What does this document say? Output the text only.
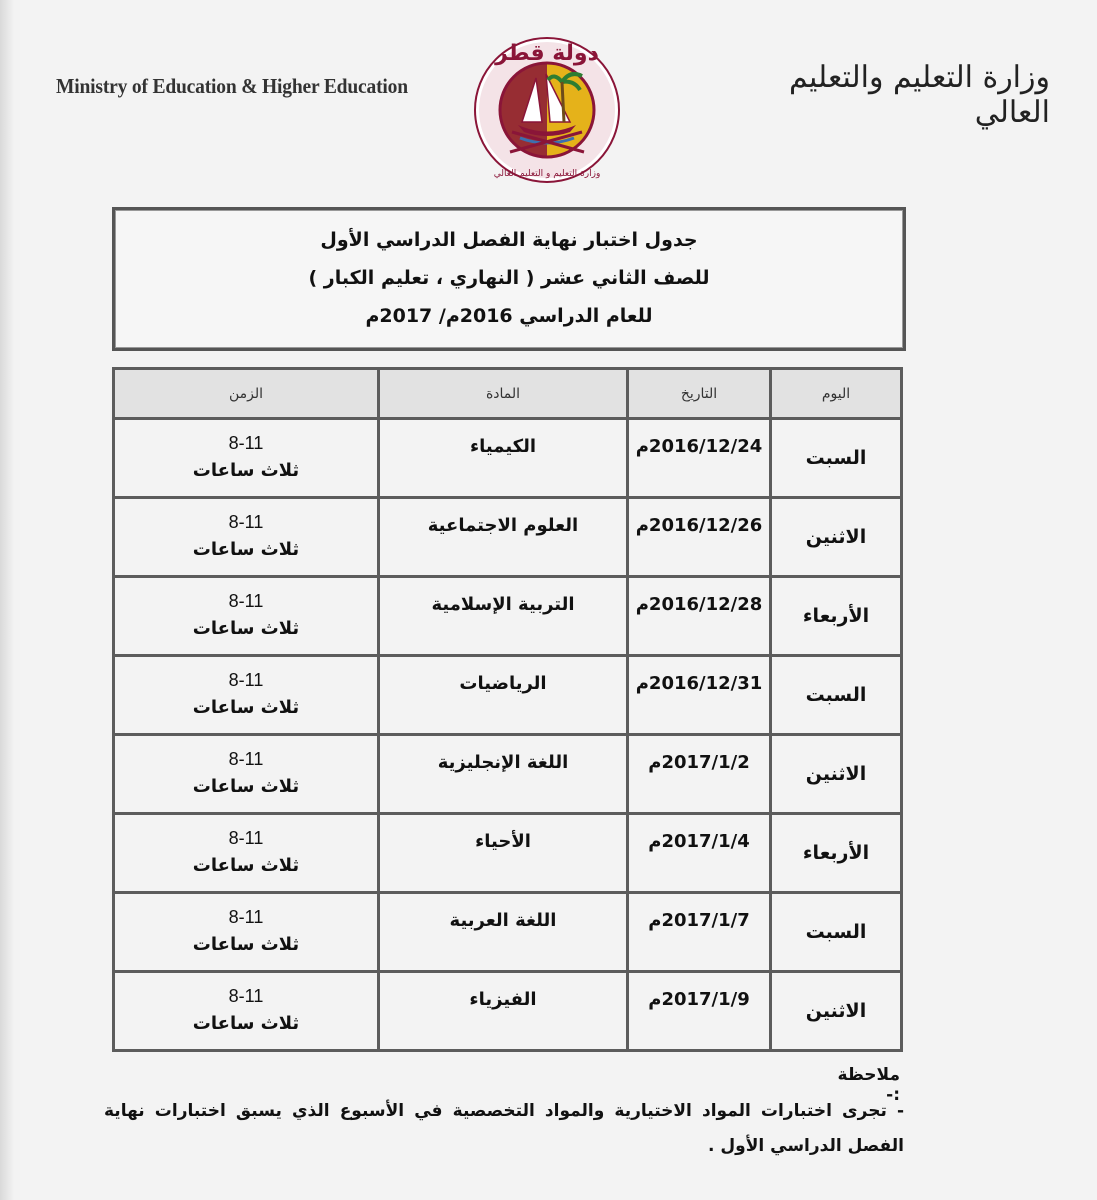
Ministry of Education & Higher Education
دولة قطر
وزارة التعليم و التعليم العالي
وزارة التعليم والتعليم العالي
جدول اختبار نهاية الفصل الدراسي الأول
للصف الثاني عشر ( النهاري ، تعليم الكبار )
للعام الدراسي 2016م/ 2017م
اليوم	التاريخ	المادة	الزمن
السبت	2016/12/24م	الكيمياء	8-11
ثلاث ساعات

الاثنين	2016/12/26م	العلوم الاجتماعية	8-11
ثلاث ساعات

الأربعاء	2016/12/28م	التربية الإسلامية	8-11
ثلاث ساعات

السبت	2016/12/31م	الرياضيات	8-11
ثلاث ساعات

الاثنين	2017/1/2م	اللغة الإنجليزية	8-11
ثلاث ساعات

الأربعاء	2017/1/4م	الأحياء	8-11
ثلاث ساعات

السبت	2017/1/7م	اللغة العربية	8-11
ثلاث ساعات

الاثنين	2017/1/9م	الفيزياء	8-11
ثلاث ساعات
ملاحظة :-
- تجرى اختبارات المواد الاختيارية والمواد التخصصية في الأسبوع الذي يسبق اختبارات نهاية الفصل الدراسي الأول .
